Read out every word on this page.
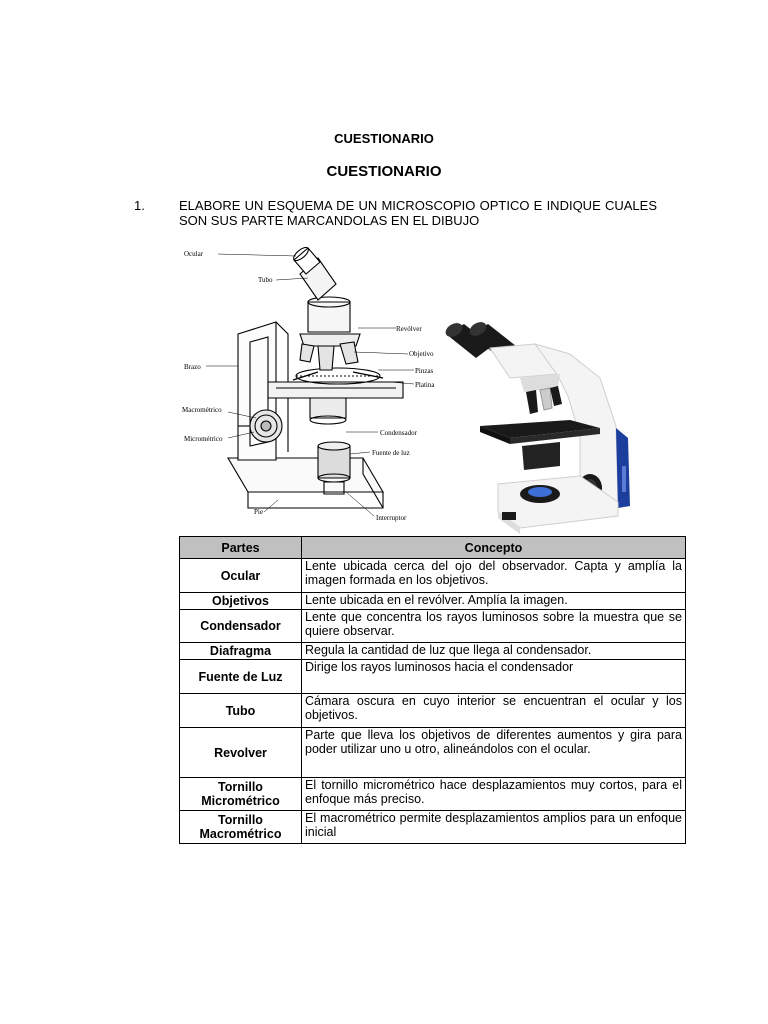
CUESTIONARIO
CUESTIONARIO
1.	ELABORE UN ESQUEMA DE UN MICROSCOPIO OPTICO E INDIQUE CUALES SON SUS PARTE MARCANDOLAS EN EL DIBUJO
Ocular
Tubo
Revólver
Objetivo
Pinzas
Platina
Brazo
Macrométrico
Micrométrico
Condensador
Fuente de luz
Pie
Interruptor
Partes	Concepto
Ocular	Lente ubicada cerca del ojo del observador. Capta y amplía la imagen formada en los objetivos.
Objetivos	Lente ubicada en el revólver. Amplía la imagen.
Condensador	Lente que concentra los rayos luminosos sobre la muestra que se quiere observar.
Diafragma	Regula la cantidad de luz que llega al condensador.
Fuente de Luz	Dirige los rayos luminosos hacia el condensador
Tubo	Cámara oscura en cuyo interior se encuentran el ocular y los objetivos.
Revolver	Parte que lleva los objetivos de diferentes aumentos y gira para poder utilizar uno u otro, alineándolos con el ocular.
Tornillo Micrométrico	El tornillo micrométrico hace desplazamientos muy cortos, para el enfoque más preciso.
Tornillo Macrométrico	El macrométrico permite desplazamientos amplios para un enfoque inicial
